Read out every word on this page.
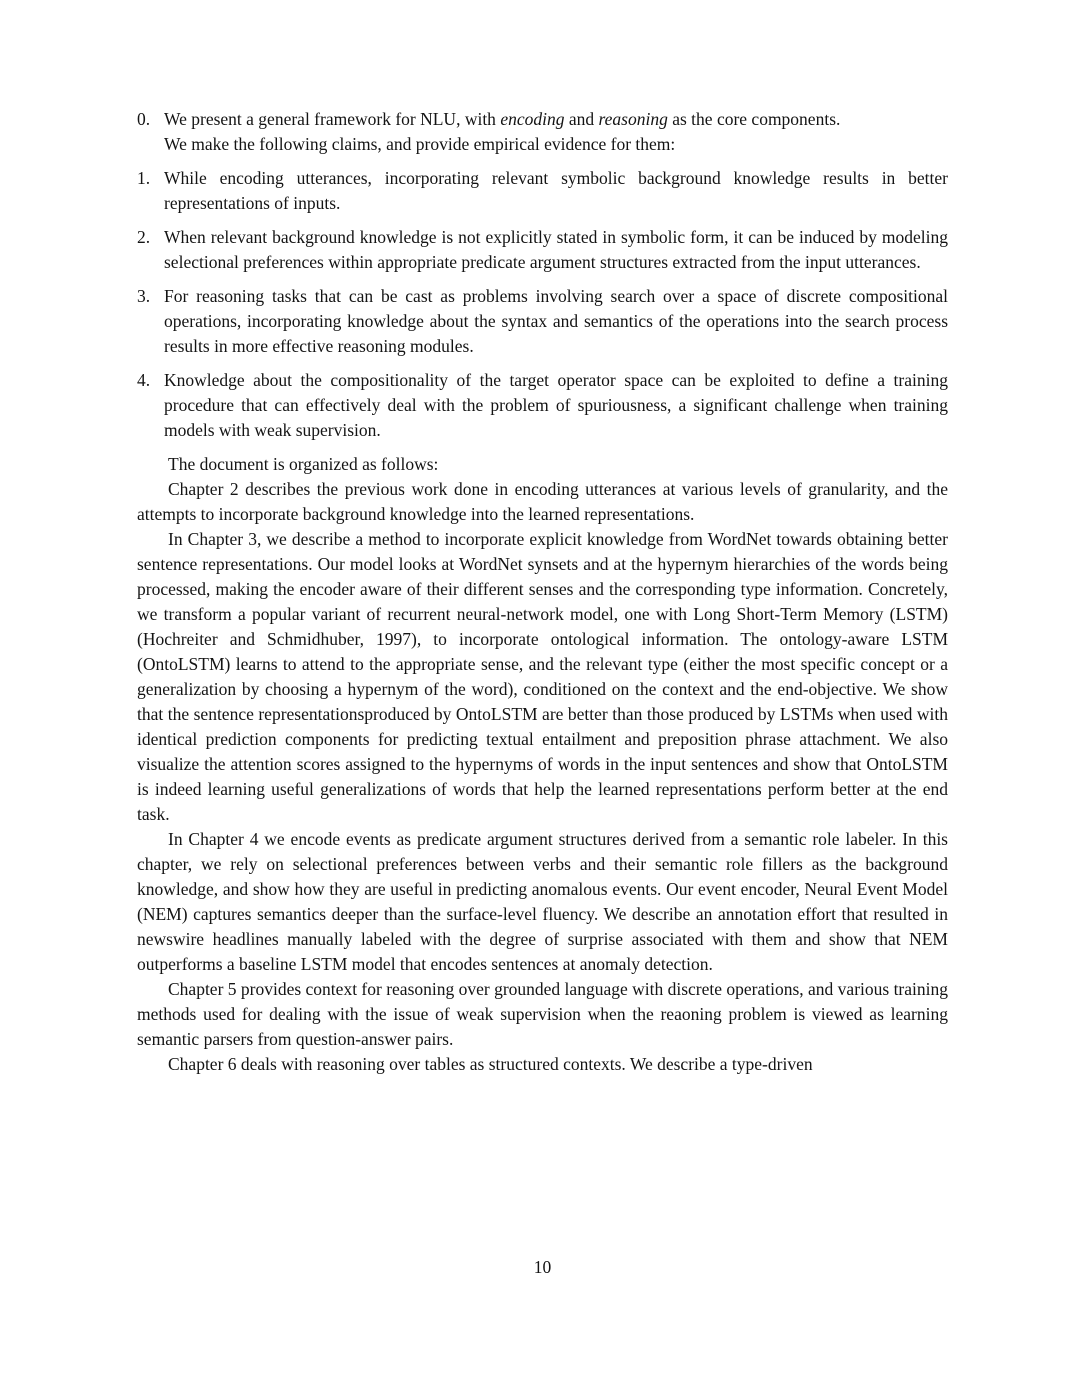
0. We present a general framework for NLU, with encoding and reasoning as the core components.

We make the following claims, and provide empirical evidence for them:

1. While encoding utterances, incorporating relevant symbolic background knowledge results in better representations of inputs.

2. When relevant background knowledge is not explicitly stated in symbolic form, it can be induced by modeling selectional preferences within appropriate predicate argument structures extracted from the input utterances.

3. For reasoning tasks that can be cast as problems involving search over a space of discrete compositional operations, incorporating knowledge about the syntax and semantics of the operations into the search process results in more effective reasoning modules.

4. Knowledge about the compositionality of the target operator space can be exploited to define a training procedure that can effectively deal with the problem of spuriousness, a significant challenge when training models with weak supervision.

The document is organized as follows:

Chapter 2 describes the previous work done in encoding utterances at various levels of granularity, and the attempts to incorporate background knowledge into the learned representations.

In Chapter 3, we describe a method to incorporate explicit knowledge from WordNet towards obtaining better sentence representations. Our model looks at WordNet synsets and at the hypernym hierarchies of the words being processed, making the encoder aware of their different senses and the corresponding type information. Concretely, we transform a popular variant of recurrent neural-network model, one with Long Short-Term Memory (LSTM) (Hochreiter and Schmidhuber, 1997), to incorporate ontological information. The ontology-aware LSTM (OntoLSTM) learns to attend to the appropriate sense, and the relevant type (either the most specific concept or a generalization by choosing a hypernym of the word), conditioned on the context and the end-objective. We show that the sentence representationsproduced by OntoLSTM are better than those produced by LSTMs when used with identical prediction components for predicting textual entailment and preposition phrase attachment. We also visualize the attention scores assigned to the hypernyms of words in the input sentences and show that OntoLSTM is indeed learning useful generalizations of words that help the learned representations perform better at the end task.

In Chapter 4 we encode events as predicate argument structures derived from a semantic role labeler. In this chapter, we rely on selectional preferences between verbs and their semantic role fillers as the background knowledge, and show how they are useful in predicting anomalous events. Our event encoder, Neural Event Model (NEM) captures semantics deeper than the surface-level fluency. We describe an annotation effort that resulted in newswire headlines manually labeled with the degree of surprise associated with them and show that NEM outperforms a baseline LSTM model that encodes sentences at anomaly detection.

Chapter 5 provides context for reasoning over grounded language with discrete operations, and various training methods used for dealing with the issue of weak supervision when the reaoning problem is viewed as learning semantic parsers from question-answer pairs.

Chapter 6 deals with reasoning over tables as structured contexts. We describe a type-driven

10
